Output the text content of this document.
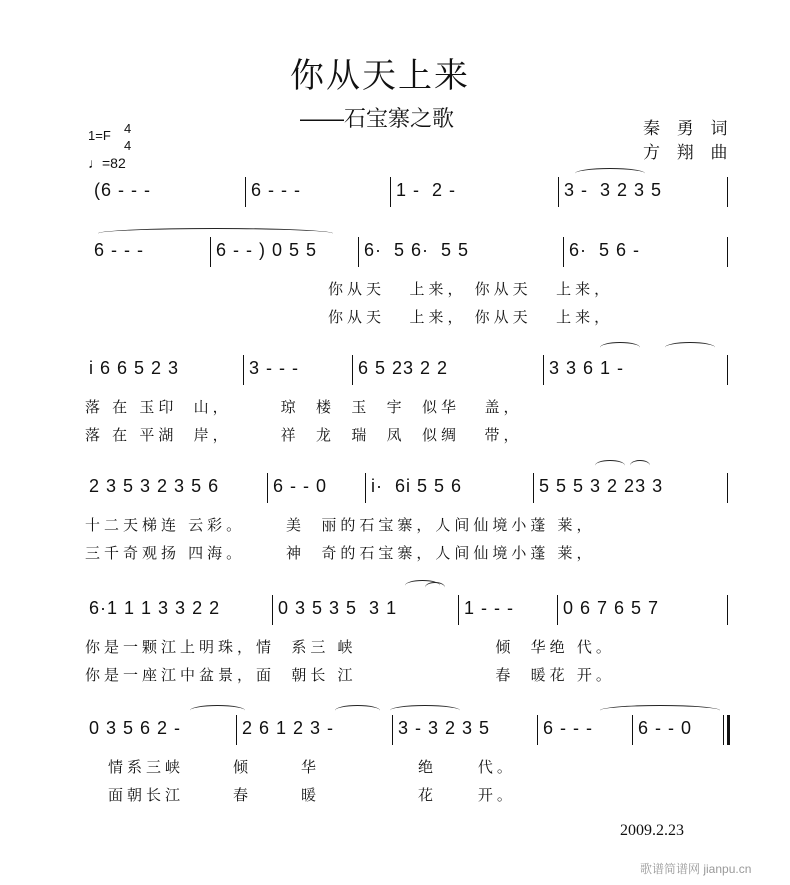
你从天上来
——石宝寨之歌	秦 勇 词
方 翔 曲
1=F 4
4
♩=82
(6 - - -	6 - - -	1 -  2 -	3 -  3 2 3 5
6 - - -	6 - - ) 0 5 5	6·  5 6·  5 5	6·  5 6 -
你从天   上来， 你从天   上来，
你从天   上来， 你从天   上来，
i 6 6 5 2 3	3 - - -	6 5 23 2 2	3 3 6 1 -
落 在 玉印  山，      琼  楼  玉  宇  似华   盖，
落 在 平湖  岸，      祥  龙  瑞  凤  似绸   带，
2 3 5 3 2 3 5 6	6 - - 0 i·  6i 5 5 6	5 5 5 3 2 23 3
十二天梯连 云彩。     美  丽的石宝寨，人间仙境小蓬 莱，
三千奇观扬 四海。     神  奇的石宝寨，人间仙境小蓬 莱，
6·1 1 1 3 3 2 2	0 3 5 3 5  3 1	1 - - -	0 6 7 6 5 7
你是一颗江上明珠，情  系三 峡                 倾  华绝 代。
你是一座江中盆景，面  朝长 江                 春  暖花 开。
0 3 5 6 2 -	2 6 1 2 3 -	3 - 3 2 3 5	6 - - -	6 - - 0
情系三峡      倾      华            绝     代。
面朝长江      春      暖            花     开。
2009.2.23
歌谱简谱网 jianpu.cn
